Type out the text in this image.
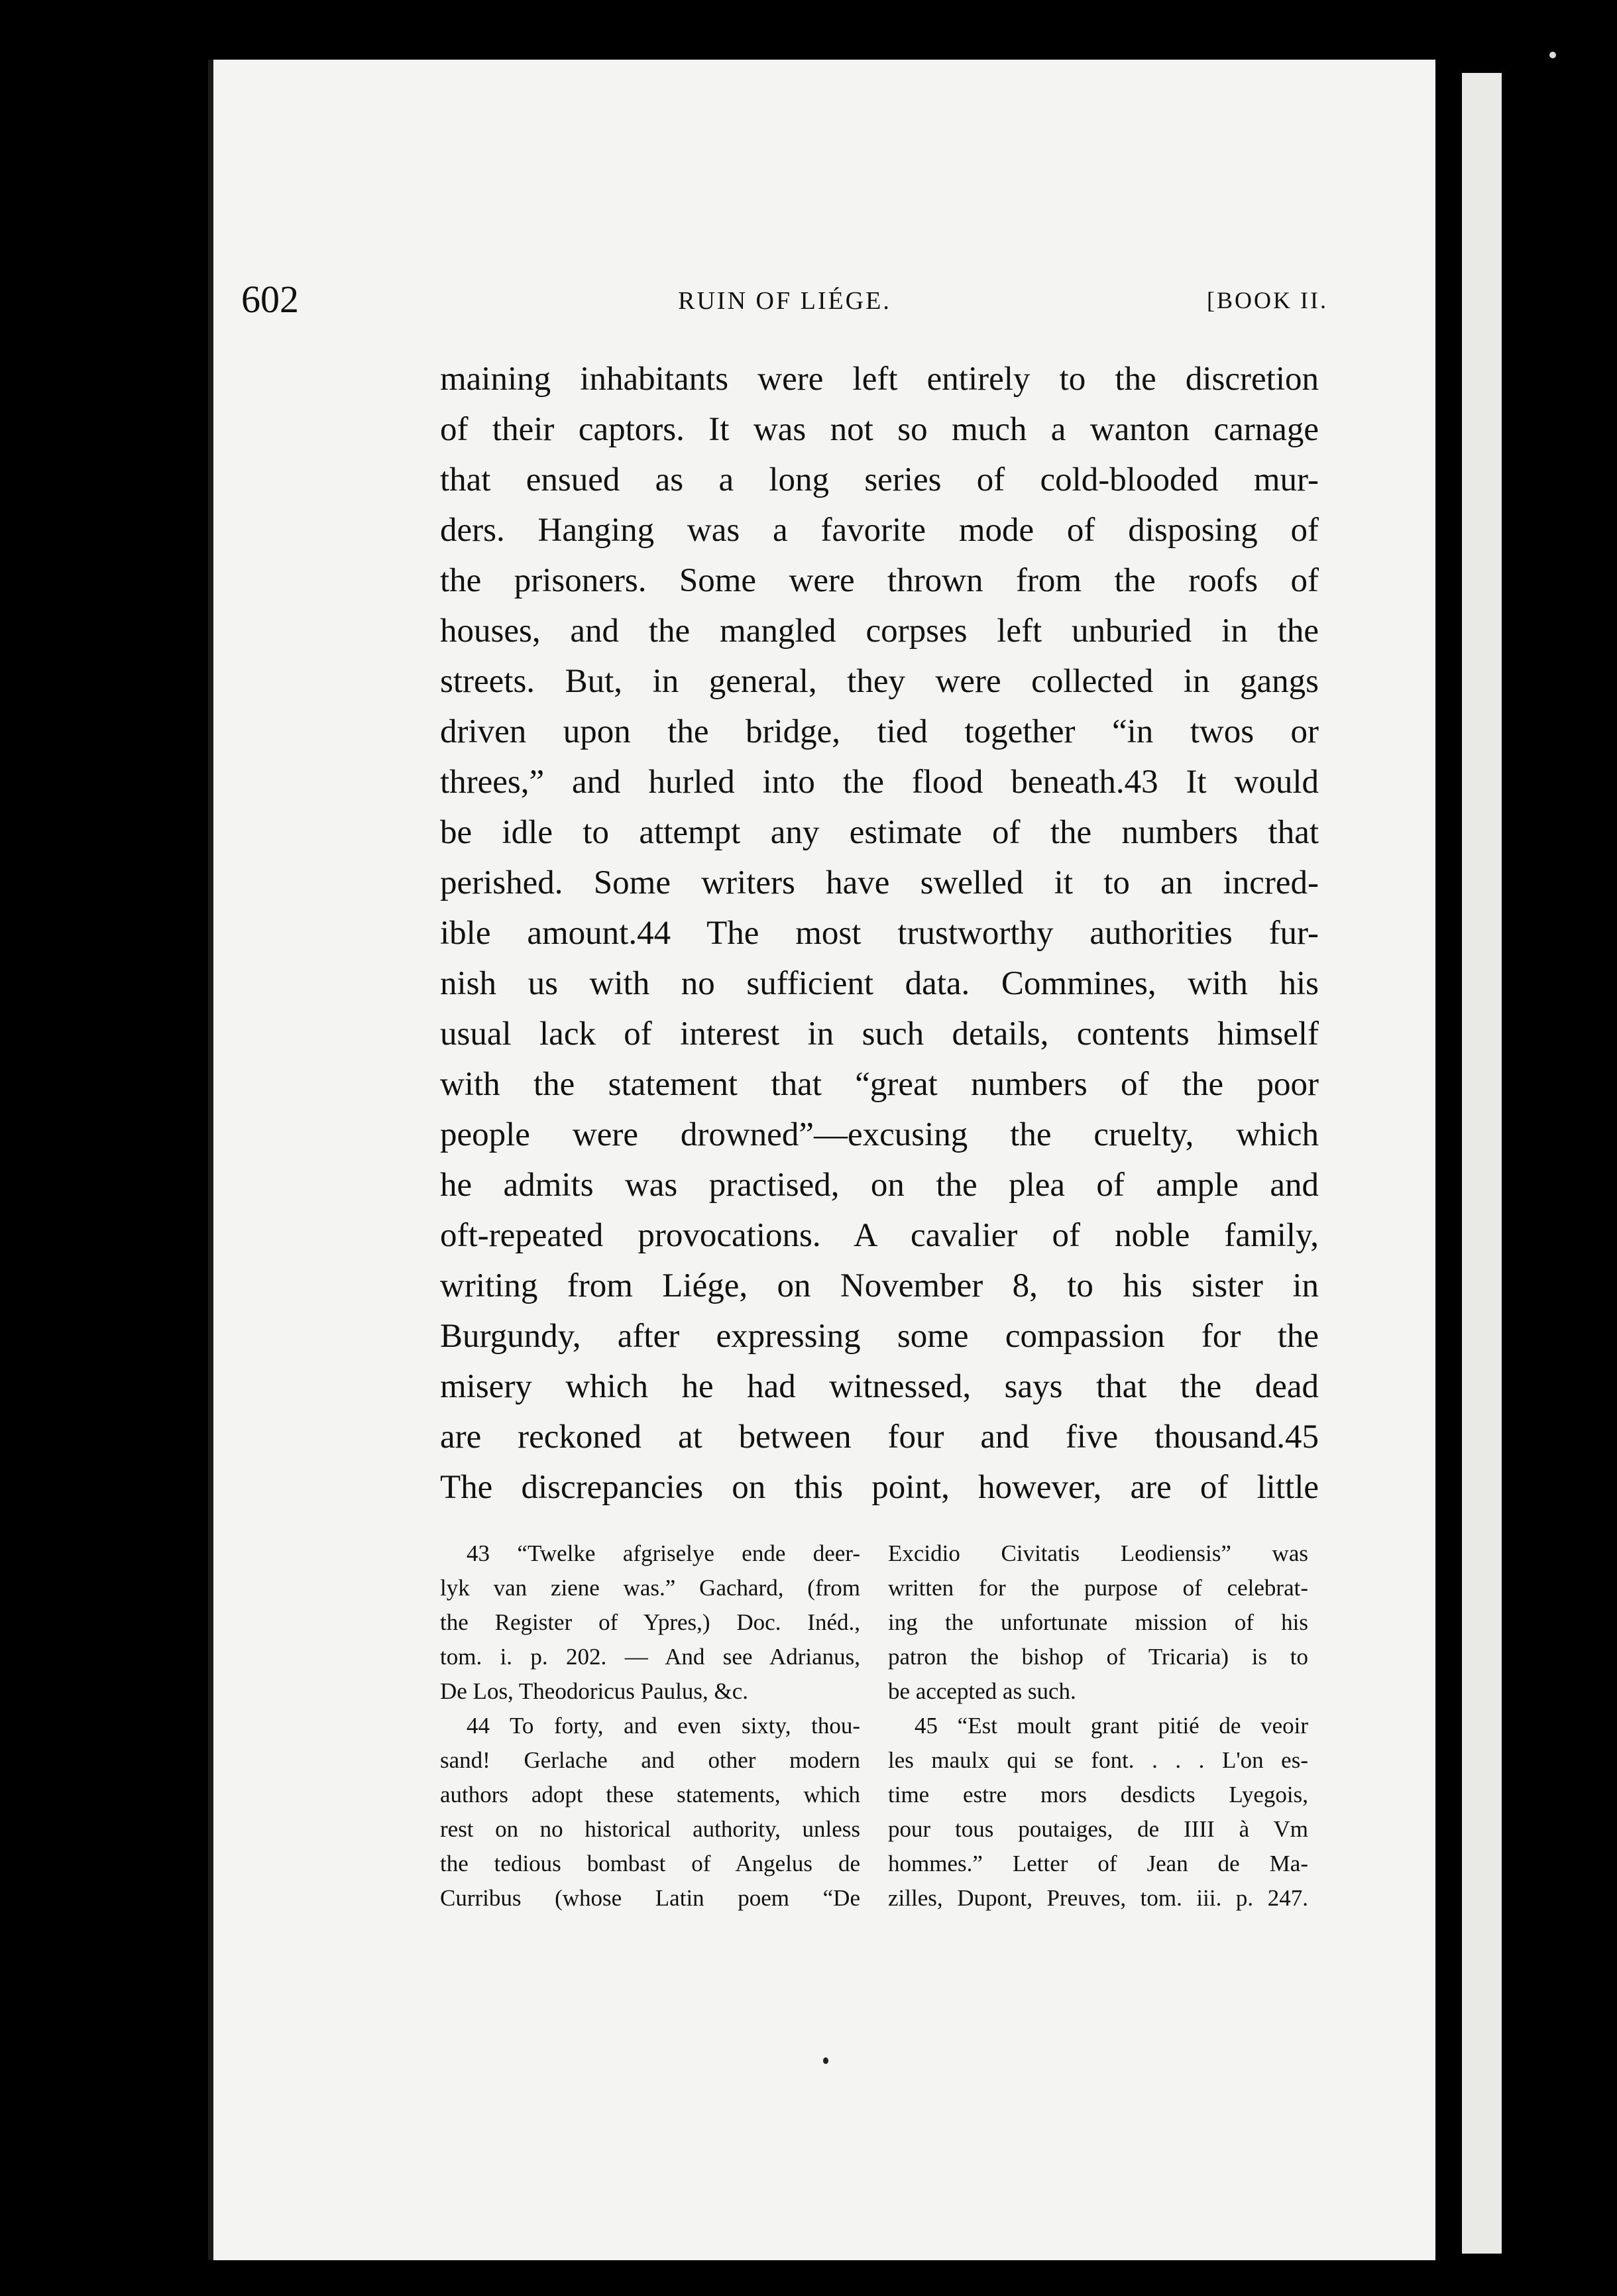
602	RUIN OF LIÉGE.	[BOOK II.
maining inhabitants were left entirely to the discretion
of their captors. It was not so much a wanton carnage
that ensued as a long series of cold-blooded mur-
ders. Hanging was a favorite mode of disposing of
the prisoners. Some were thrown from the roofs of
houses, and the mangled corpses left unburied in the
streets. But, in general, they were collected in gangs
driven upon the bridge, tied together “in twos or
threes,” and hurled into the flood beneath.43 It would
be idle to attempt any estimate of the numbers that
perished. Some writers have swelled it to an incred-
ible amount.44 The most trustworthy authorities fur-
nish us with no sufficient data. Commines, with his
usual lack of interest in such details, contents himself
with the statement that “great numbers of the poor
people were drowned”—excusing the cruelty, which
he admits was practised, on the plea of ample and
oft-repeated provocations. A cavalier of noble family,
writing from Liége, on November 8, to his sister in
Burgundy, after expressing some compassion for the
misery which he had witnessed, says that the dead
are reckoned at between four and five thousand.45
The discrepancies on this point, however, are of little
43 “Twelke afgriselye ende deer-
lyk van ziene was.” Gachard, (from
the Register of Ypres,) Doc. Inéd.,
tom. i. p. 202. — And see Adrianus,
De Los, Theodoricus Paulus, &c.
44 To forty, and even sixty, thou-
sand! Gerlache and other modern
authors adopt these statements, which
rest on no historical authority, unless
the tedious bombast of Angelus de
Curribus (whose Latin poem “De
Excidio Civitatis Leodiensis” was
written for the purpose of celebrat-
ing the unfortunate mission of his
patron the bishop of Tricaria) is to
be accepted as such.
45 “Est moult grant pitié de veoir
les maulx qui se font. . . . L'on es-
time estre mors desdicts Lyegois,
pour tous poutaiges, de IIII à Vm
hommes.” Letter of Jean de Ma-
zilles, Dupont, Preuves, tom. iii. p. 247.
